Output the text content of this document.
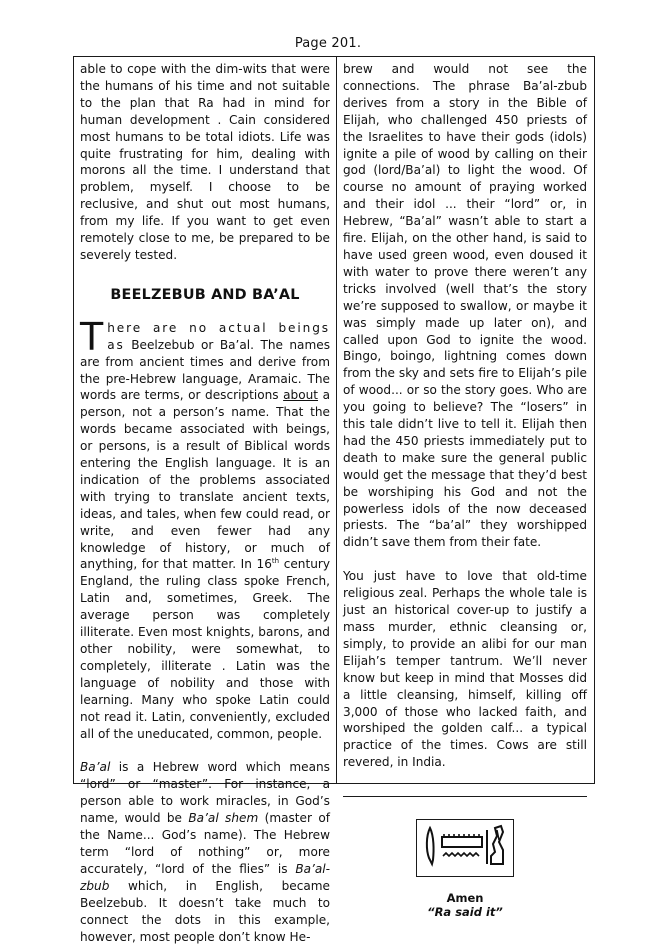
Page 201.

able to cope with the dim-wits that were the humans of his time and not suitable to the plan that Ra had in mind for human development . Cain considered most humans to be total idiots. Life was quite frustrating for him, dealing with morons all the time. I understand that problem, myself. I choose to be reclusive, and shut out most humans, from my life. If you want to get even remotely close to me, be prepared to be severely tested.

BEELZEBUB AND BA’AL

There are no actual beings as Beelzebub or Ba’al. The names are from ancient times and derive from the pre-Hebrew language, Aramaic. The words are terms, or descriptions about a person, not a person’s name. That the words became associated with beings, or persons, is a result of Biblical words entering the English language. It is an indication of the problems associated with trying to translate ancient texts, ideas, and tales, when few could read, or write, and even fewer had any knowledge of history, or much of anything, for that matter. In 16th century England, the ruling class spoke French, Latin and, sometimes, Greek. The average person was completely illiterate. Even most knights, barons, and other nobility, were somewhat, to completely, illiterate . Latin was the language of nobility and those with learning. Many who spoke Latin could not read it. Latin, conveniently, excluded all of the uneducated, common, people.

Ba’al is a Hebrew word which means “lord” or “master”. For instance, a person able to work miracles, in God’s name, would be Ba’al shem (master of the Name... God’s name). The Hebrew term “lord of nothing” or, more accurately, “lord of the flies” is Ba’al-zbub which, in English, became Beelzebub. It doesn’t take much to connect the dots in this example, however, most people don’t know He-

brew and would not see the connections. The phrase Ba’al-zbub derives from a story in the Bible of Elijah, who challenged 450 priests of the Israelites to have their gods (idols) ignite a pile of wood by calling on their god (lord/Ba’al) to light the wood. Of course no amount of praying worked and their idol ... their “lord” or, in Hebrew, “Ba’al” wasn’t able to start a fire. Elijah, on the other hand, is said to have used green wood, even doused it with water to prove there weren’t any tricks involved (well that’s the story we’re supposed to swallow, or maybe it was simply made up later on), and called upon God to ignite the wood. Bingo, boingo, lightning comes down from the sky and sets fire to Elijah’s pile of wood... or so the story goes. Who are you going to believe? The “losers” in this tale didn’t live to tell it. Elijah then had the 450 priests immediately put to death to make sure the general public would get the message that they’d best be worshiping his God and not the powerless idols of the now deceased priests. The “ba’al” they worshipped didn’t save them from their fate.

You just have to love that old-time religious zeal. Perhaps the whole tale is just an historical cover-up to justify a mass murder, ethnic cleansing or, simply, to provide an alibi for our man Elijah’s temper tantrum. We’ll never know but keep in mind that Mosses did a little cleansing, himself, killing off 3,000 of those who lacked faith, and worshiped the golden calf... a typical practice of the times. Cows are still revered, in India.

Amen
“Ra said it”
